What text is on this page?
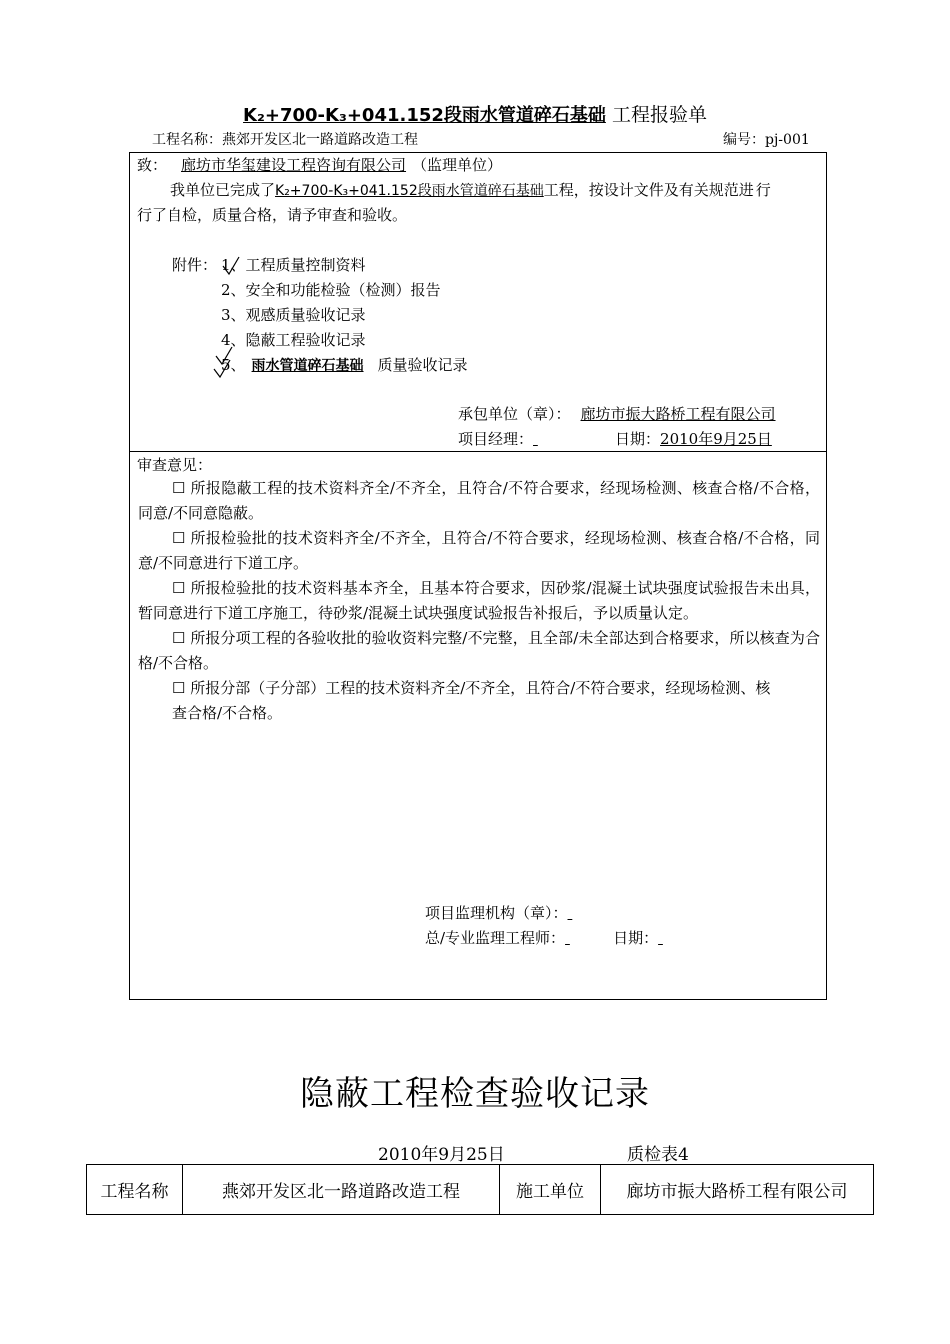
K₂+700-K₃+041.152段雨水管道碎石基础 工程报验单
工程名称：燕郊开发区北一路道路改造工程	编号：pj-001
致： 廊坊市华玺建设工程咨询有限公司 （监理单位）
我单位已完成了K₂+700-K₃+041.152段雨水管道碎石基础工程，按设计文件及有关规范进 行
行了自检，质量合格，请予审查和验收。
附件： 1、工程质量控制资料
2、安全和功能检验（检测）报告
3、观感质量验收记录
4、隐蔽工程验收记录
5、 雨水管道碎石基础 质量验收记录
承包单位（章）： 廊坊市振大路桥工程有限公司
项目经理：	日期：2010年9月25日
审查意见：
☐ 所报隐蔽工程的技术资料齐全/不齐全，且符合/不符合要求，经现场检测、核查合格/不合格，同意/不同意隐蔽。
☐ 所报检验批的技术资料齐全/不齐全，且符合/不符合要求，经现场检测、核查合格/不合格，同意/不同意进行下道工序。
☐ 所报检验批的技术资料基本齐全，且基本符合要求，因砂浆/混凝土试块强度试验报告未出具，暂同意进行下道工序施工，待砂浆/混凝土试块强度试验报告补报后，予以质量认定。
☐ 所报分项工程的各验收批的验收资料完整/不完整，且全部/未全部达到合格要求，所以核查为合格/不合格。
☐ 所报分部（子分部）工程的技术资料齐全/不齐全，且符合/不符合要求，经现场检测、核
查合格/不合格。
项目监理机构（章）：
总/专业监理工程师：	日期：
隐蔽工程检查验收记录
2010年9月25日	质检表4
工程名称	燕郊开发区北一路道路改造工程	施工单位	廊坊市振大路桥工程有限公司
